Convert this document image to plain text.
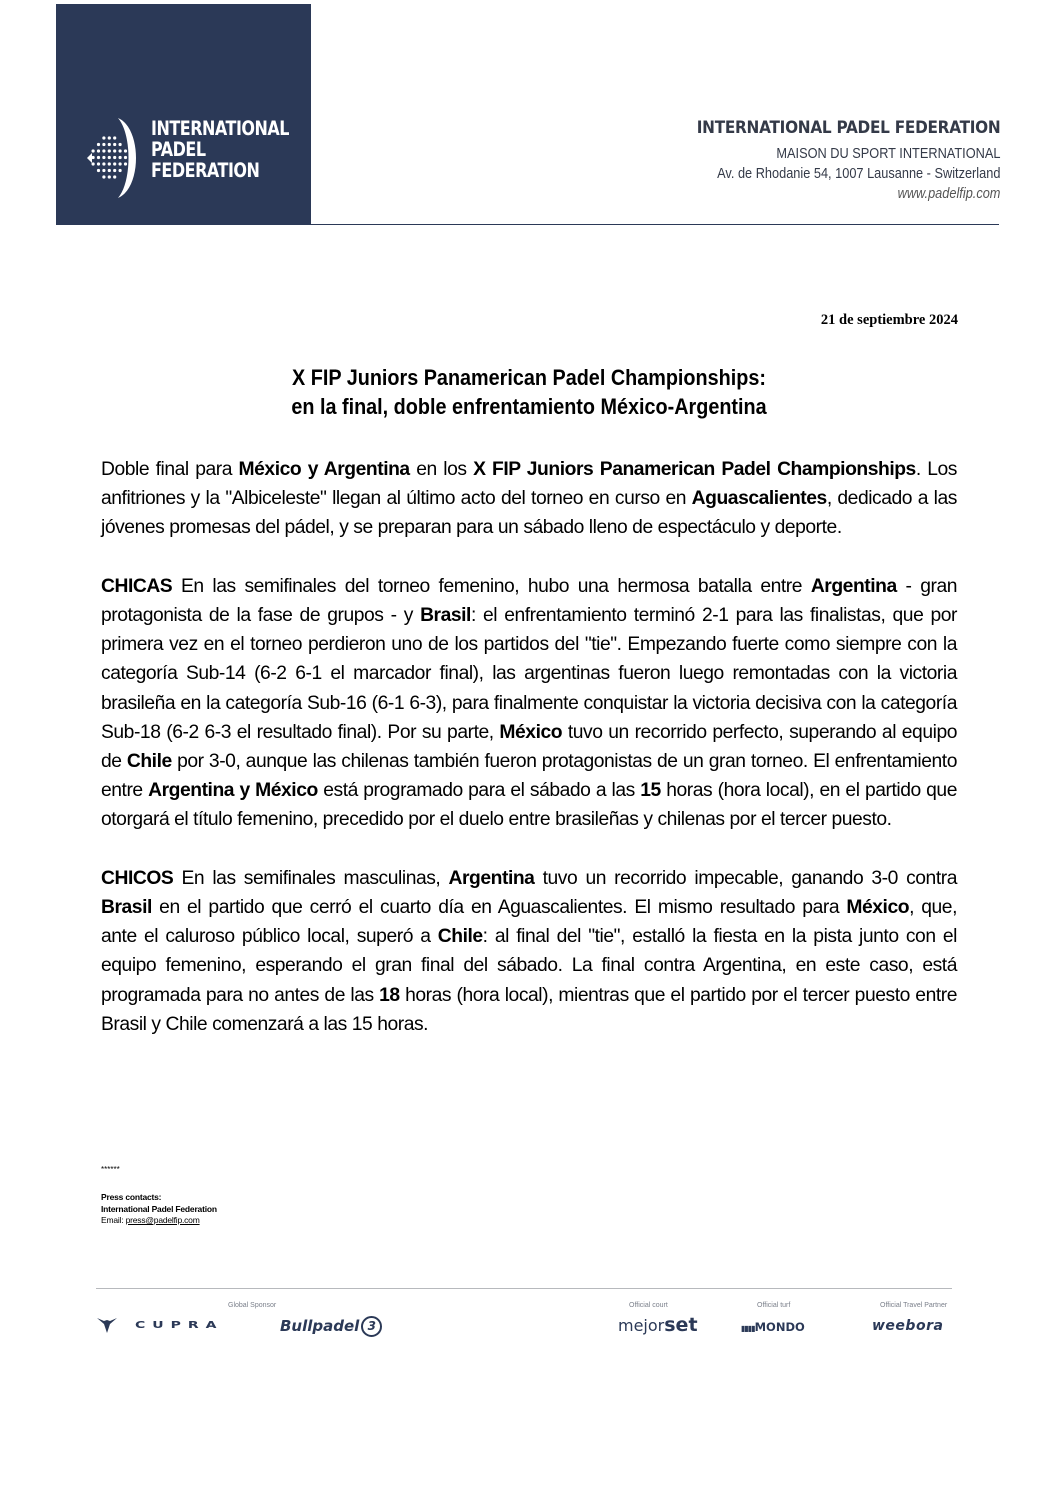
INTERNATIONAL
PADEL
FEDERATION
INTERNATIONAL PADEL FEDERATION
MAISON DU SPORT INTERNATIONAL
Av. de Rhodanie 54, 1007 Lausanne - Switzerland
www.padelfip.com
21 de septiembre 2024
X FIP Juniors Panamerican Padel Championships:
en la final, doble enfrentamiento México-Argentina

Doble final para México y Argentina en los X FIP Juniors Panamerican Padel Championships. Los anfitriones y la "Albiceleste" llegan al último acto del torneo en curso en Aguascalientes, dedicado a las jóvenes promesas del pádel, y se preparan para un sábado lleno de espectáculo y deporte.

CHICAS En las semifinales del torneo femenino, hubo una hermosa batalla entre Argentina - gran protagonista de la fase de grupos - y Brasil: el enfrentamiento terminó 2-1 para las finalistas, que por primera vez en el torneo perdieron uno de los partidos del "tie". Empezando fuerte como siempre con la categoría Sub-14 (6-2 6-1 el marcador final), las argentinas fueron luego remontadas con la victoria brasileña en la categoría Sub-16 (6-1 6-3), para finalmente conquistar la victoria decisiva con la categoría Sub-18 (6-2 6-3 el resultado final). Por su parte, México tuvo un recorrido perfecto, superando al equipo de Chile por 3-0, aunque las chilenas también fueron protagonistas de un gran torneo. El enfrentamiento entre Argentina y México está programado para el sábado a las 15 horas (hora local), en el partido que otorgará el título femenino, precedido por el duelo entre brasileñas y chilenas por el tercer puesto.

CHICOS En las semifinales masculinas, Argentina tuvo un recorrido impecable, ganando 3-0 contra Brasil en el partido que cerró el cuarto día en Aguascalientes. El mismo resultado para México, que, ante el caluroso público local, superó a Chile: al final del "tie", estalló la fiesta en la pista junto con el equipo femenino, esperando el gran final del sábado. La final contra Argentina, en este caso, está programada para no antes de las 18 horas (hora local), mientras que el partido por el tercer puesto entre Brasil y Chile comenzará a las 15 horas.

******
Press contacts:
International Padel Federation
Email: press@padelfip.com
Global Sponsor	Official court	Official turf	Official Travel Partner
CUPRA	Bullpadel 3	mejorset	▮▮▮▮MONDO	weebora
